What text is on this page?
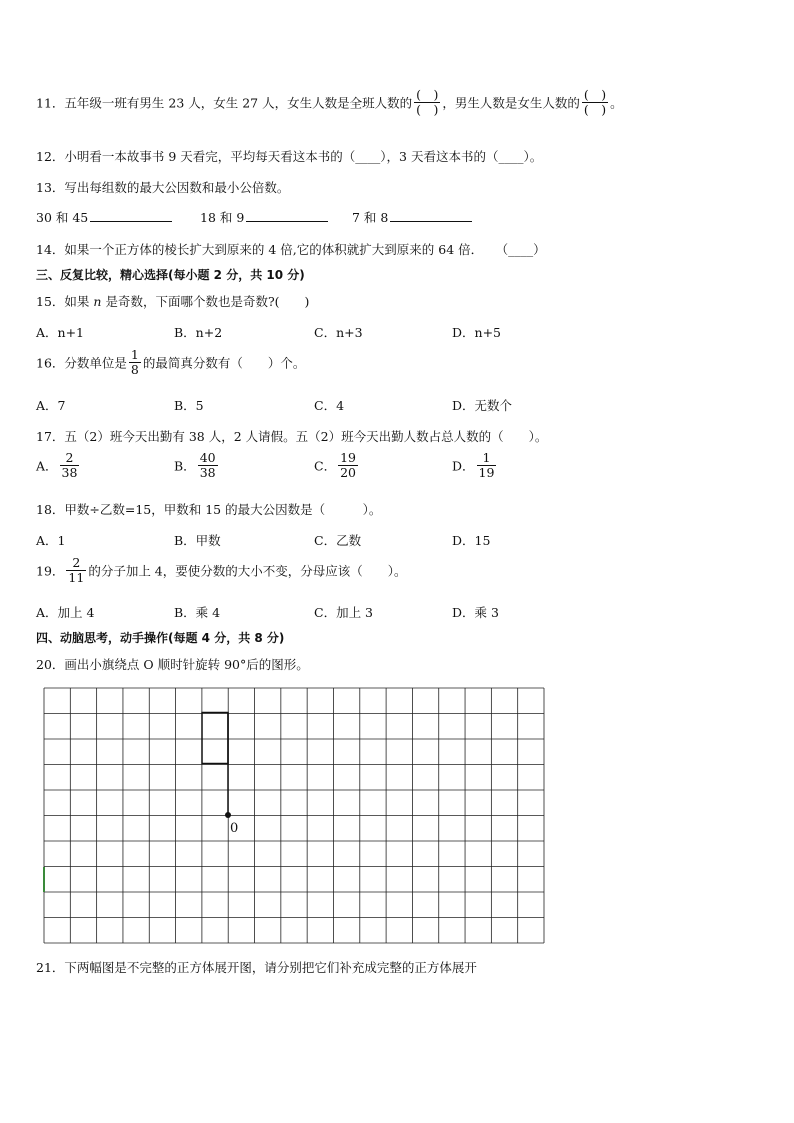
11．五年级一班有男生 23 人，女生 27 人，女生人数是全班人数的 $\frac{( )}{( )}$ ，男生人数是女生人数的 $\frac{( )}{( )}$ 。
12．小明看一本故事书 9 天看完，平均每天看这本书的（____），3 天看这本书的（____）。
13．写出每组数的最大公因数和最小公倍数。
30 和 45	18 和 9	7 和 8
14．如果一个正方体的棱长扩大到原来的 4 倍,它的体积就扩大到原来的 64 倍．　　（____）
三、反复比较，精心选择(每小题 2 分，共 10 分)
15．如果 n 是奇数，下面哪个数也是奇数?(　　)
A．n+1	B．n+2	C．n+3	D．n+5
16．分数单位是 $\frac{1}{8}$ 的最简真分数有（　　）个。
A．7	B．5	C．4	D．无数个
17．五（2）班今天出勤有 38 人，2 人请假。五（2）班今天出勤人数占总人数的（　　）。
A． $\frac{2}{38}$	B． $\frac{40}{38}$	C． $\frac{19}{20}$	D． $\frac{1}{19}$
18．甲数÷乙数=15，甲数和 15 的最大公因数是（　　　）。
A．1	B．甲数	C．乙数	D．15
19． $\frac{2}{11}$ 的分子加上 4，要使分数的大小不变，分母应该（　　）。
A．加上 4	B．乘 4	C．加上 3	D．乘 3
四、动脑思考，动手操作(每题 4 分，共 8 分)
20．画出小旗绕点 O 顺时针旋转 90°后的图形。
0
21．下两幅图是不完整的正方体展开图，请分别把它们补充成完整的正方体展开
